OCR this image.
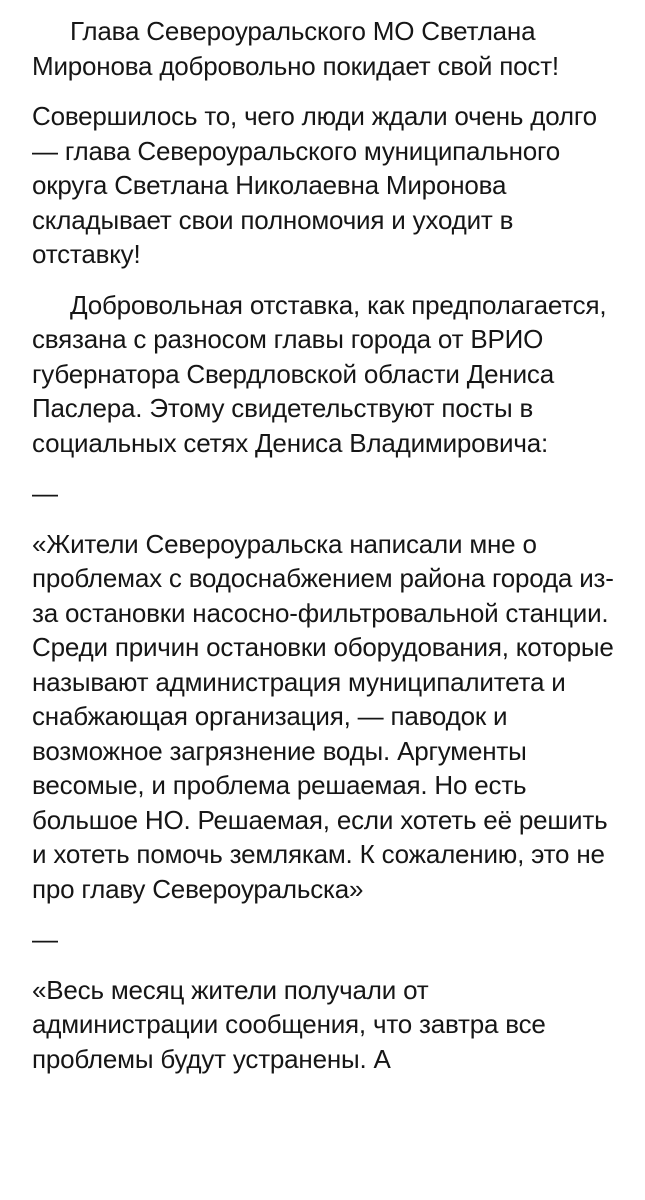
Глава Североуральского МО Светлана Миронова добровольно покидает свой пост!

Совершилось то, чего люди ждали очень долго — глава Североуральского муниципального округа Светлана Николаевна Миронова складывает свои полномочия и уходит в отставку!

Добровольная отставка, как предполагается, связана с разносом главы города от ВРИО губернатора Свердловской области Дениса Паслера. Этому свидетельствуют посты в социальных сетях Дениса Владимировича:

—

«Жители Североуральска написали мне о проблемах с водоснабжением района города из-за остановки насосно-фильтровальной станции. Среди причин остановки оборудования, которые называют администрация муниципалитета и снабжающая организация, — паводок и возможное загрязнение воды. Аргументы весомые, и проблема решаемая. Но есть большое НО. Решаемая, если хотеть её решить и хотеть помочь землякам. К сожалению, это не про главу Североуральска»

—

«Весь месяц жители получали от администрации сообщения, что завтра все проблемы будут устранены. А
